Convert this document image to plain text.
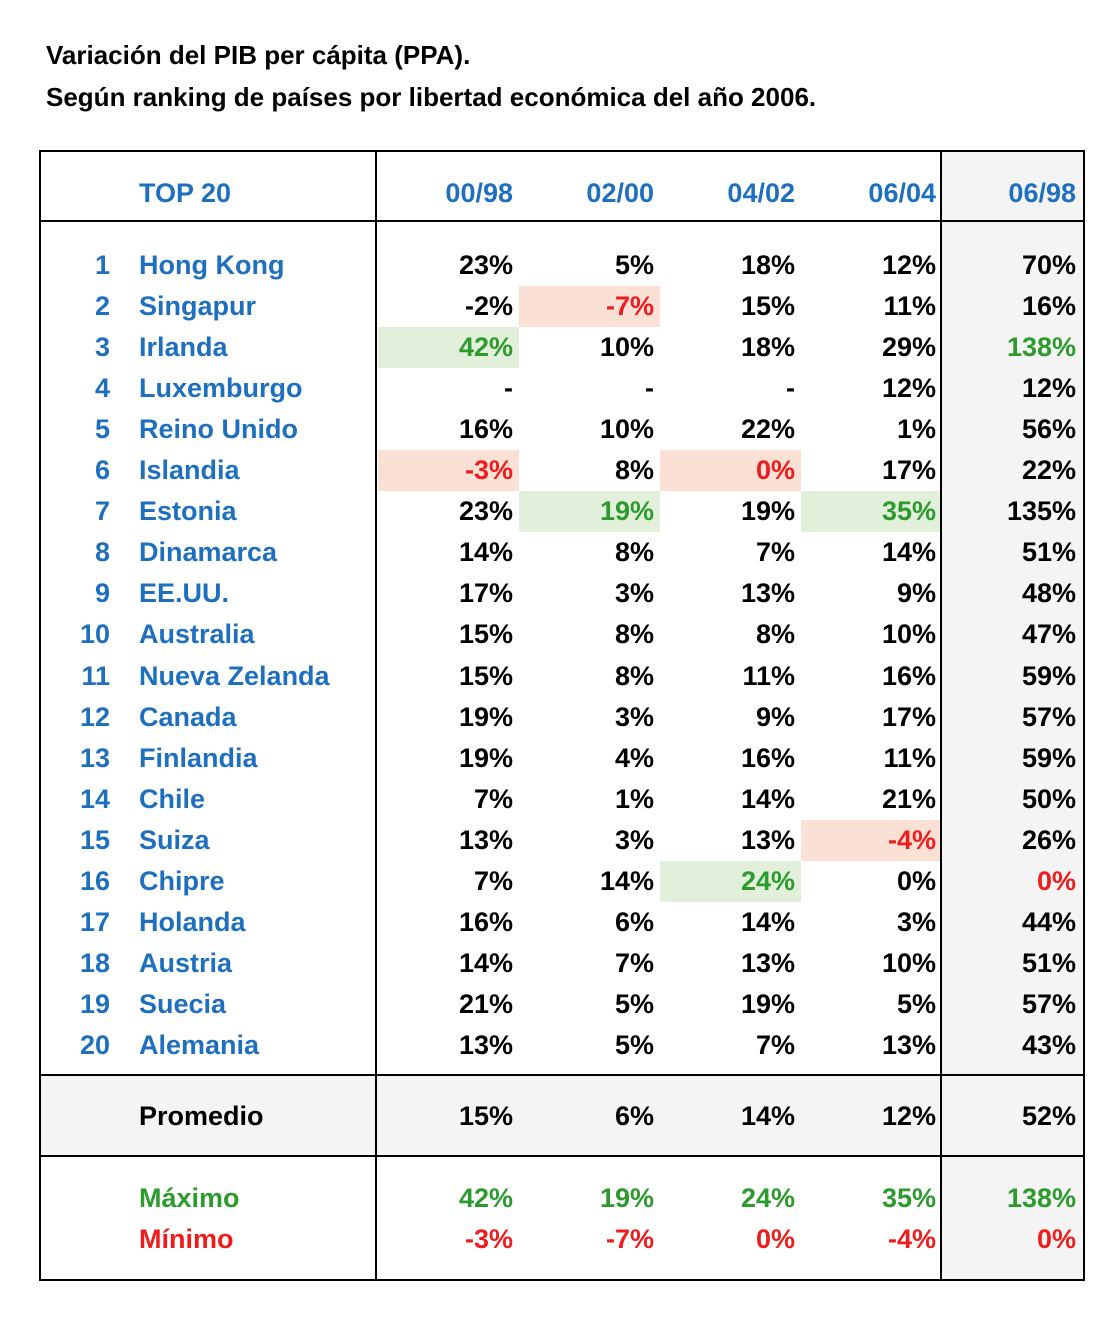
Variación del PIB per cápita (PPA).
Según ranking de países por libertad económica del año 2006.
TOP 20	00/98	02/00	04/02	06/04	06/98
1 Hong Kong	23%	5%	18%	12%	70%
2 Singapur	-2%	-7%	15%	11%	16%
3 Irlanda	42%	10%	18%	29%	138%
4 Luxemburgo	-	-	-	12%	12%
5 Reino Unido	16%	10%	22%	1%	56%
6 Islandia	-3%	8%	0%	17%	22%
7 Estonia	23%	19%	19%	35%	135%
8 Dinamarca	14%	8%	7%	14%	51%
9 EE.UU.	17%	3%	13%	9%	48%
10 Australia	15%	8%	8%	10%	47%
11 Nueva Zelanda	15%	8%	11%	16%	59%
12 Canada	19%	3%	9%	17%	57%
13 Finlandia	19%	4%	16%	11%	59%
14 Chile	7%	1%	14%	21%	50%
15 Suiza	13%	3%	13%	-4%	26%
16 Chipre	7%	14%	24%	0%	0%
17 Holanda	16%	6%	14%	3%	44%
18 Austria	14%	7%	13%	10%	51%
19 Suecia	21%	5%	19%	5%	57%
20 Alemania	13%	5%	7%	13%	43%
Promedio	15%	6%	14%	12%	52%
Máximo	42%	19%	24%	35%	138%
Mínimo	-3%	-7%	0%	-4%	0%
